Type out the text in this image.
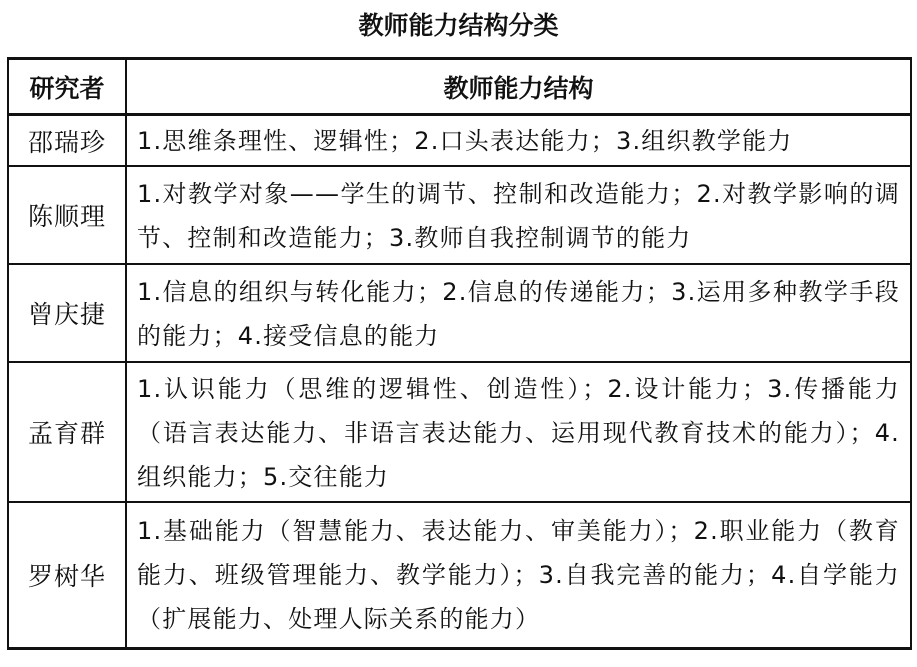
教师能力结构分类
研究者	教师能力结构
邵瑞珍	1.思维条理性、逻辑性；2.口头表达能力；3.组织教学能力
陈顺理	1.对教学对象——学生的调节、控制和改造能力；2.对教学影响的调节、控制和改造能力；3.教师自我控制调节的能力
曾庆捷	1.信息的组织与转化能力；2.信息的传递能力；3.运用多种教学手段的能力；4.接受信息的能力
孟育群	1.认识能力（思维的逻辑性、创造性）；2.设计能力；3.传播能力（语言表达能力、非语言表达能力、运用现代教育技术的能力）；4.组织能力；5.交往能力
罗树华	1.基础能力（智慧能力、表达能力、审美能力）；2.职业能力（教育能力、班级管理能力、教学能力）；3.自我完善的能力；4.自学能力（扩展能力、处理人际关系的能力）
